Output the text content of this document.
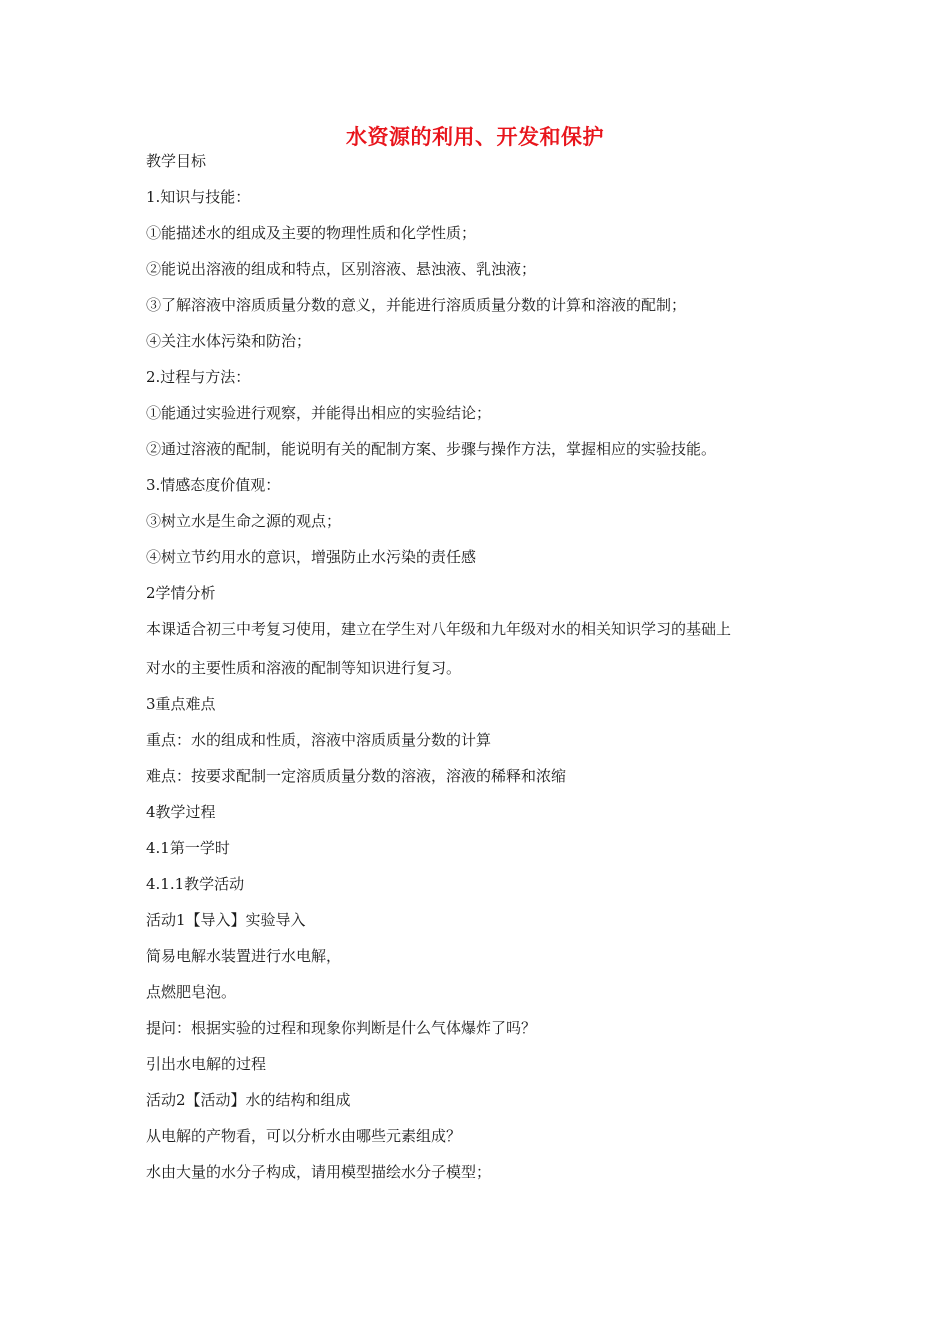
水资源的利用、开发和保护
教学目标
1.知识与技能：
①能描述水的组成及主要的物理性质和化学性质；
②能说出溶液的组成和特点，区别溶液、悬浊液、乳浊液；
③了解溶液中溶质质量分数的意义，并能进行溶质质量分数的计算和溶液的配制；
④关注水体污染和防治；
2.过程与方法：
①能通过实验进行观察，并能得出相应的实验结论；
②通过溶液的配制，能说明有关的配制方案、步骤与操作方法，掌握相应的实验技能。
3.情感态度价值观：
③树立水是生命之源的观点；
④树立节约用水的意识，增强防止水污染的责任感
2学情分析
本课适合初三中考复习使用，建立在学生对八年级和九年级对水的相关知识学习的基础上
对水的主要性质和溶液的配制等知识进行复习。
3重点难点
重点：水的组成和性质，溶液中溶质质量分数的计算
难点：按要求配制一定溶质质量分数的溶液，溶液的稀释和浓缩
4教学过程
4.1第一学时
4.1.1教学活动
活动1【导入】实验导入
简易电解水装置进行水电解，
点燃肥皂泡。
提问：根据实验的过程和现象你判断是什么气体爆炸了吗？
引出水电解的过程
活动2【活动】水的结构和组成
从电解的产物看，可以分析水由哪些元素组成？
水由大量的水分子构成，请用模型描绘水分子模型；
